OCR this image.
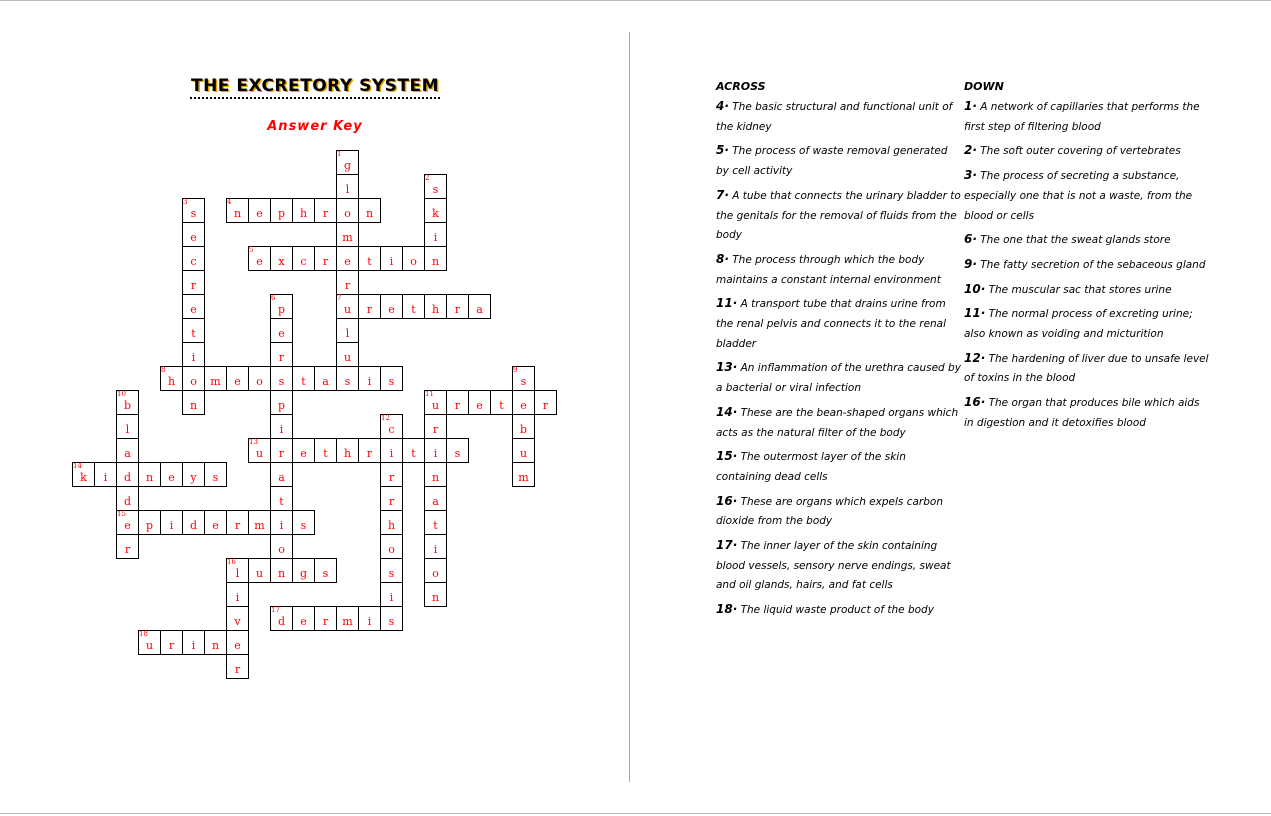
THE EXCRETORY SYSTEM
Answer Key
1
g
l
o
m
e
r
7
u
l
u
s
2
s
k
i
n
3
s
e
c
r
e
t
i
o
n
4
n	e	p	h	r	n
5
e	x	c	r	t	i	o
6
p
e
r
s
p
i
r
a
t
i
o
n
r	e	t	h	r	a
8
h	m	e	o	t	a	i	s
9
s
e
b
u
m
10
b
l
a
d
d
15
e
r
12
c
i
r
r
h
o
s
i
s
13
u	e	t	h	r	t	i	s
14
k	i	n	e	y	s
p	i	d	e	r	m	s
17
d	e	r	m	i
18
u	r	i	n	e
11
u	r	e	t	r
r
n
a
t
i
o
n
16
l	u	g	s
i
v
r
ACROSS
4· The basic structural and functional unit of the kidney
5· The process of waste removal generated by cell activity
7· A tube that connects the urinary bladder to the genitals for the removal of fluids from the body
8· The process through which the body maintains a constant internal environment
11· A transport tube that drains urine from the renal pelvis and connects it to the renal bladder
13· An inflammation of the urethra caused by a bacterial or viral infection
14· These are the bean-shaped organs which acts as the natural filter of the body
15· The outermost layer of the skin containing dead cells
16· These are organs which expels carbon dioxide from the body
17· The inner layer of the skin containing blood vessels, sensory nerve endings, sweat and oil glands, hairs, and fat cells
18· The liquid waste product of the body
DOWN
1· A network of capillaries that performs the first step of filtering blood
2· The soft outer covering of vertebrates
3· The process of secreting a substance, especially one that is not a waste, from the blood or cells
6· The one that the sweat glands store
9· The fatty secretion of the sebaceous gland
10· The muscular sac that stores urine
11· The normal process of excreting urine; also known as voiding and micturition
12· The hardening of liver due to unsafe level of toxins in the blood
16· The organ that produces bile which aids in digestion and it detoxifies blood
